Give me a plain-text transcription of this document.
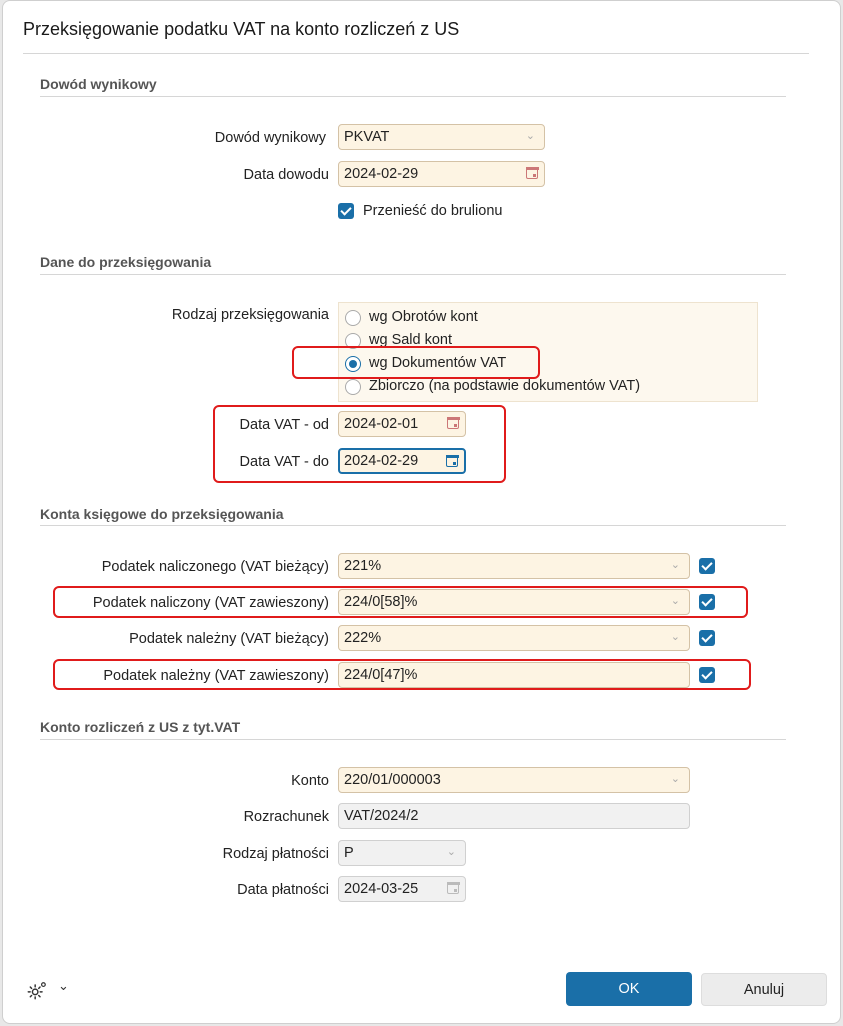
Przeksięgowanie podatku VAT na konto rozliczeń z US
Dowód wynikowy
Dowód wynikowy	PKVAT	⌄
Data dowodu	2024-02-29
Przenieść do brulionu
Dane do przeksięgowania
Rodzaj przeksięgowania	wg Obrotów kont
wg Sald kont
wg Dokumentów VAT
Zbiorczo (na podstawie dokumentów VAT)
Data VAT - od	2024-02-01
Data VAT - do	2024-02-29
Konta księgowe do przeksięgowania
Podatek naliczonego (VAT bieżący)	221%	⌄
Podatek naliczony (VAT zawieszony)	224/0[58]%	⌄
Podatek należny (VAT bieżący)	222%	⌄
Podatek należny (VAT zawieszony)	224/0[47]%
Konto rozliczeń z US z tyt.VAT
Konto	220/01/000003	⌄
Rozrachunek	VAT/2024/2
Rodzaj płatności	P	⌄
Data płatności	2024-03-25
⌄	OK	Anuluj
